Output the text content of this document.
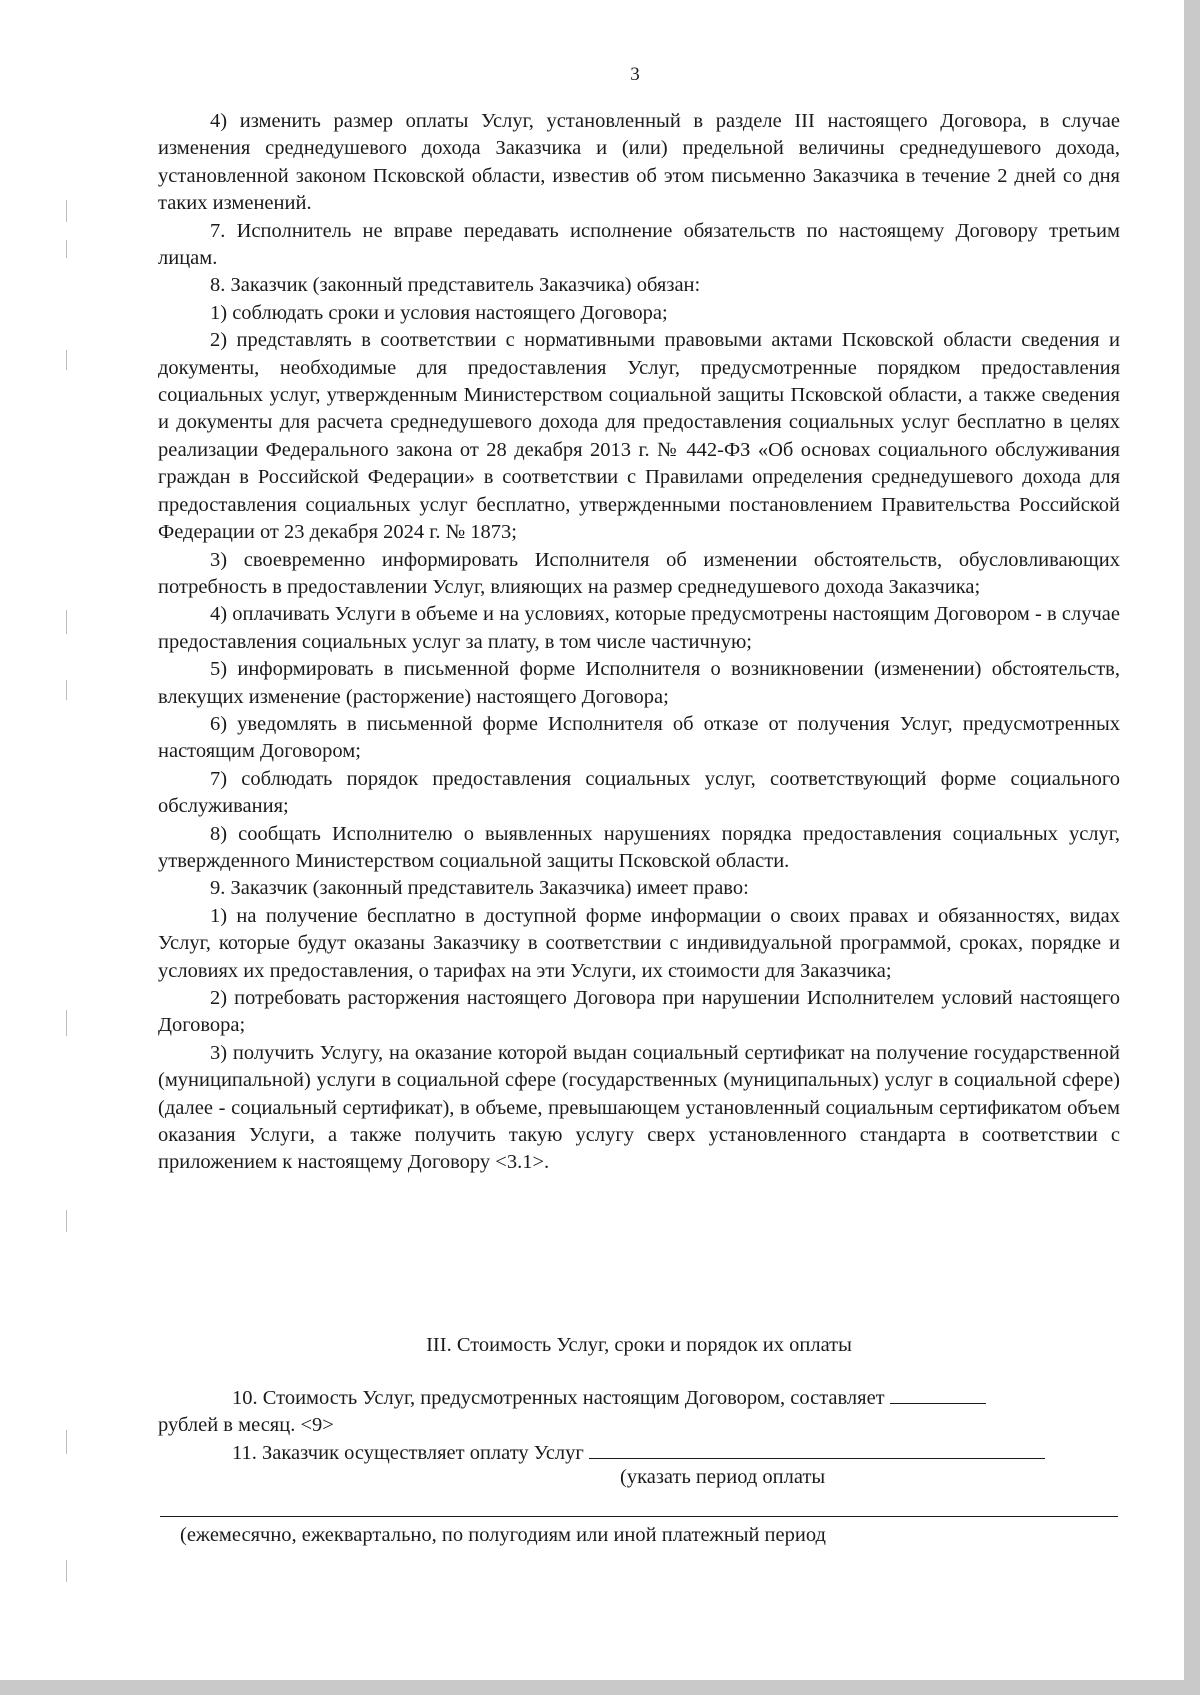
3

4) изменить размер оплаты Услуг, установленный в разделе III настоящего Договора, в случае изменения среднедушевого дохода Заказчика и (или) предельной величины среднедушевого дохода, установленной законом Псковской области, известив об этом письменно Заказчика в течение 2 дней со дня таких изменений.

7. Исполнитель не вправе передавать исполнение обязательств по настоящему Договору третьим лицам.

8. Заказчик (законный представитель Заказчика) обязан:

1) соблюдать сроки и условия настоящего Договора;

2) представлять в соответствии с нормативными правовыми актами Псковской области сведения и документы, необходимые для предоставления Услуг, предусмотренные порядком предоставления социальных услуг, утвержденным Министерством социальной защиты Псковской области, а также сведения и документы для расчета среднедушевого дохода для предоставления социальных услуг бесплатно в целях реализации Федерального закона от 28 декабря 2013 г. № 442-ФЗ «Об основах социального обслуживания граждан в Российской Федерации» в соответствии с Правилами определения среднедушевого дохода для предоставления социальных услуг бесплатно, утвержденными постановлением Правительства Российской Федерации от 23 декабря 2024 г. № 1873;

3) своевременно информировать Исполнителя об изменении обстоятельств, обусловливающих потребность в предоставлении Услуг, влияющих на размер среднедушевого дохода Заказчика;

4) оплачивать Услуги в объеме и на условиях, которые предусмотрены настоящим Договором - в случае предоставления социальных услуг за плату, в том числе частичную;

5) информировать в письменной форме Исполнителя о возникновении (изменении) обстоятельств, влекущих изменение (расторжение) настоящего Договора;

6) уведомлять в письменной форме Исполнителя об отказе от получения Услуг, предусмотренных настоящим Договором;

7) соблюдать порядок предоставления социальных услуг, соответствующий форме социального обслуживания;

8) сообщать Исполнителю о выявленных нарушениях порядка предоставления социальных услуг, утвержденного Министерством социальной защиты Псковской области.

9. Заказчик (законный представитель Заказчика) имеет право:

1) на получение бесплатно в доступной форме информации о своих правах и обязанностях, видах Услуг, которые будут оказаны Заказчику в соответствии с индивидуальной программой, сроках, порядке и условиях их предоставления, о тарифах на эти Услуги, их стоимости для Заказчика;

2) потребовать расторжения настоящего Договора при нарушении Исполнителем условий настоящего Договора;

3) получить Услугу, на оказание которой выдан социальный сертификат на получение государственной (муниципальной) услуги в социальной сфере (государственных (муниципальных) услуг в социальной сфере) (далее - социальный сертификат), в объеме, превышающем установленный социальным сертификатом объем оказания Услуги, а также получить такую услугу сверх установленного стандарта в соответствии с приложением к настоящему Договору <3.1>.

III. Стоимость Услуг, сроки и порядок их оплаты
10. Стоимость Услуг, предусмотренных настоящим Договором, составляет
рублей в месяц. <9>
11. Заказчик осуществляет оплату Услуг
(указать период оплаты
(ежемесячно, ежеквартально, по полугодиям или иной платежный период
